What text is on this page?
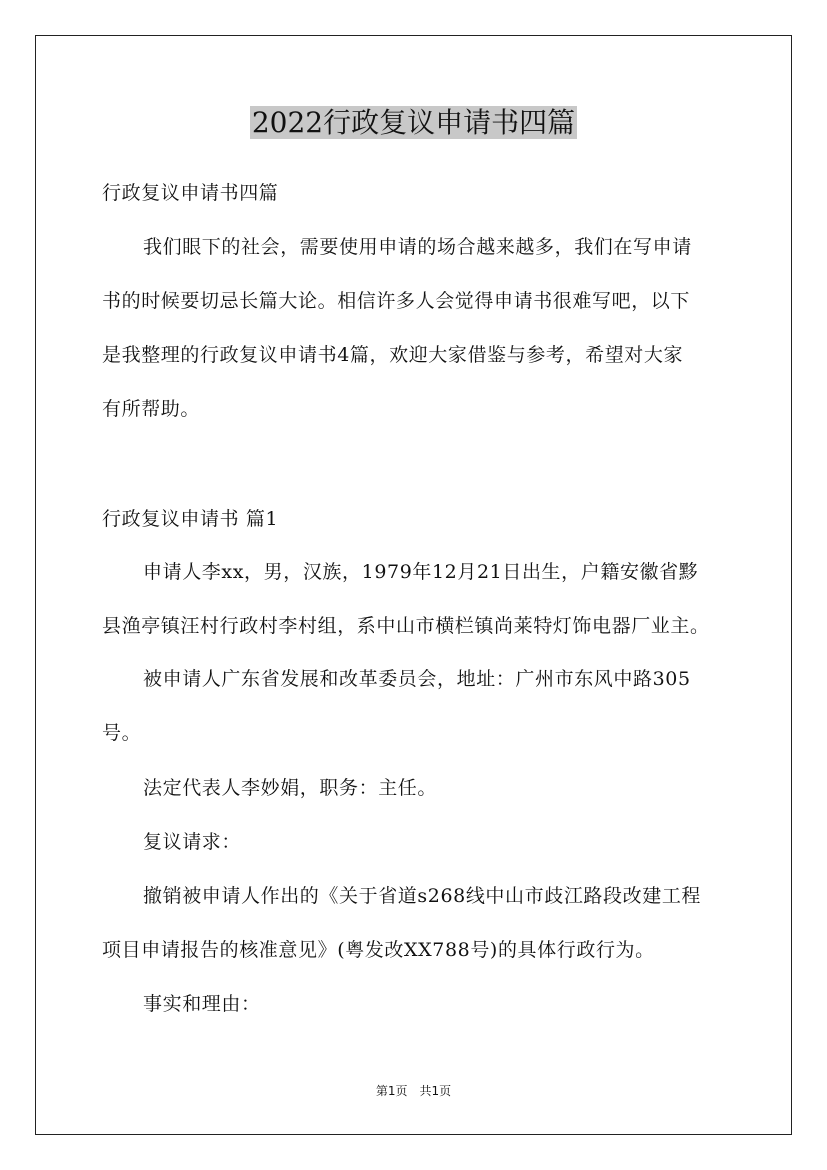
2022行政复议申请书四篇
行政复议申请书四篇
我们眼下的社会，需要使用申请的场合越来越多，我们在写申请
书的时候要切忌长篇大论。相信许多人会觉得申请书很难写吧，以下
是我整理的行政复议申请书4篇，欢迎大家借鉴与参考，希望对大家
有所帮助。
行政复议申请书 篇1
申请人李xx，男，汉族，1979年12月21日出生，户籍安徽省黟
县渔亭镇汪村行政村李村组，系中山市横栏镇尚莱特灯饰电器厂业主。
被申请人广东省发展和改革委员会，地址：广州市东风中路305
号。
法定代表人李妙娟，职务：主任。
复议请求：
撤销被申请人作出的《关于省道s268线中山市歧江路段改建工程
项目申请报告的核准意见》(粤发改XX788号)的具体行政行为。
事实和理由：
第1页　共1页
